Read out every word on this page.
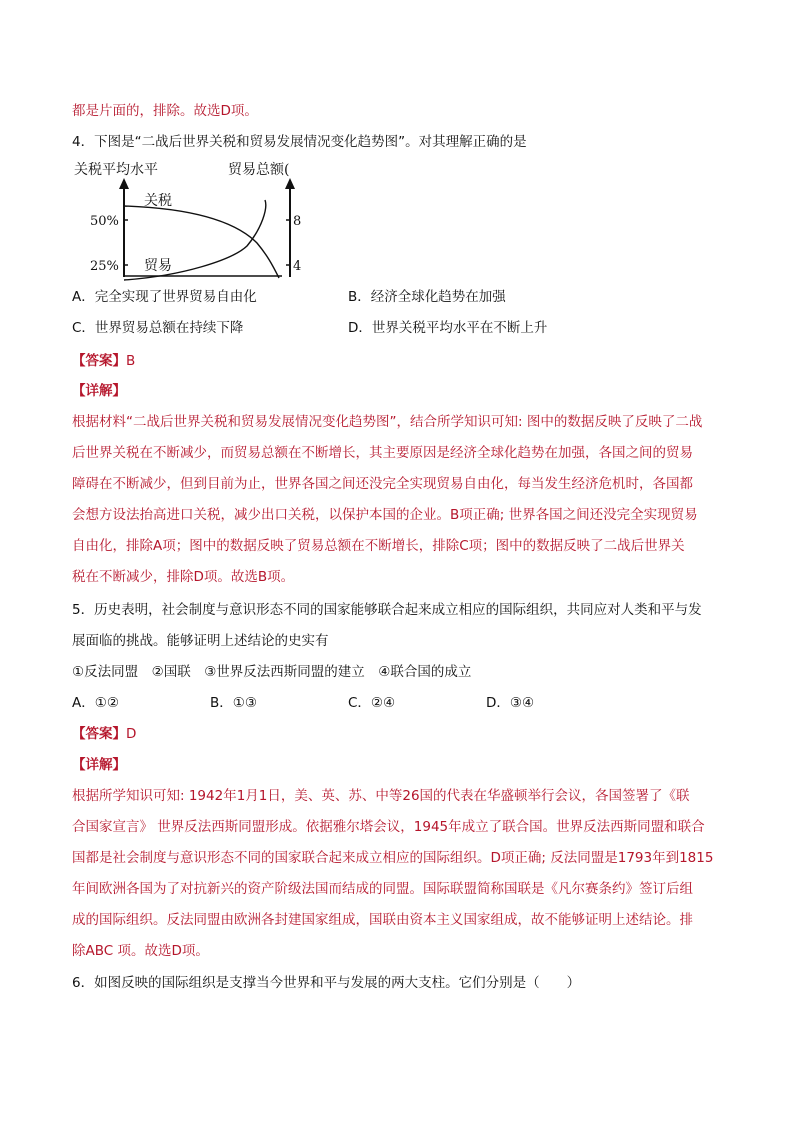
都是片面的，排除。故选D项。
4．下图是“二战后世界关税和贸易发展情况变化趋势图”。对其理解正确的是
关税平均水平	贸易总额(
50%
25%
8
4
关税
贸易
A．完全实现了世界贸易自由化	B．经济全球化趋势在加强
C．世界贸易总额在持续下降	D．世界关税平均水平在不断上升
【答案】B
【详解】
根据材料“二战后世界关税和贸易发展情况变化趋势图”，结合所学知识可知: 图中的数据反映了反映了二战
后世界关税在不断减少，而贸易总额在不断增长，其主要原因是经济全球化趋势在加强，各国之间的贸易
障碍在不断减少，但到目前为止，世界各国之间还没完全实现贸易自由化，每当发生经济危机时，各国都
会想方设法抬高进口关税，减少出口关税，以保护本国的企业。B项正确; 世界各国之间还没完全实现贸易
自由化，排除A项；图中的数据反映了贸易总额在不断增长，排除C项；图中的数据反映了二战后世界关
税在不断减少，排除D项。故选B项。
5．历史表明，社会制度与意识形态不同的国家能够联合起来成立相应的国际组织，共同应对人类和平与发
展面临的挑战。能够证明上述结论的史实有
①反法同盟　②国联　③世界反法西斯同盟的建立　④联合国的成立
A．①②	B．①③	C．②④	D．③④
【答案】D
【详解】
根据所学知识可知: 1942年1月1日，美、英、苏、中等26国的代表在华盛顿举行会议，各国签署了《联
合国家宣言》 世界反法西斯同盟形成。依据雅尔塔会议，1945年成立了联合国。世界反法西斯同盟和联合
国都是社会制度与意识形态不同的国家联合起来成立相应的国际组织。D项正确; 反法同盟是1793年到1815
年间欧洲各国为了对抗新兴的资产阶级法国而结成的同盟。国际联盟简称国联是《凡尔赛条约》签订后组
成的国际组织。反法同盟由欧洲各封建国家组成，国联由资本主义国家组成，故不能够证明上述结论。排
除ABC 项。故选D项。
6．如图反映的国际组织是支撑当今世界和平与发展的两大支柱。它们分别是（　　）
